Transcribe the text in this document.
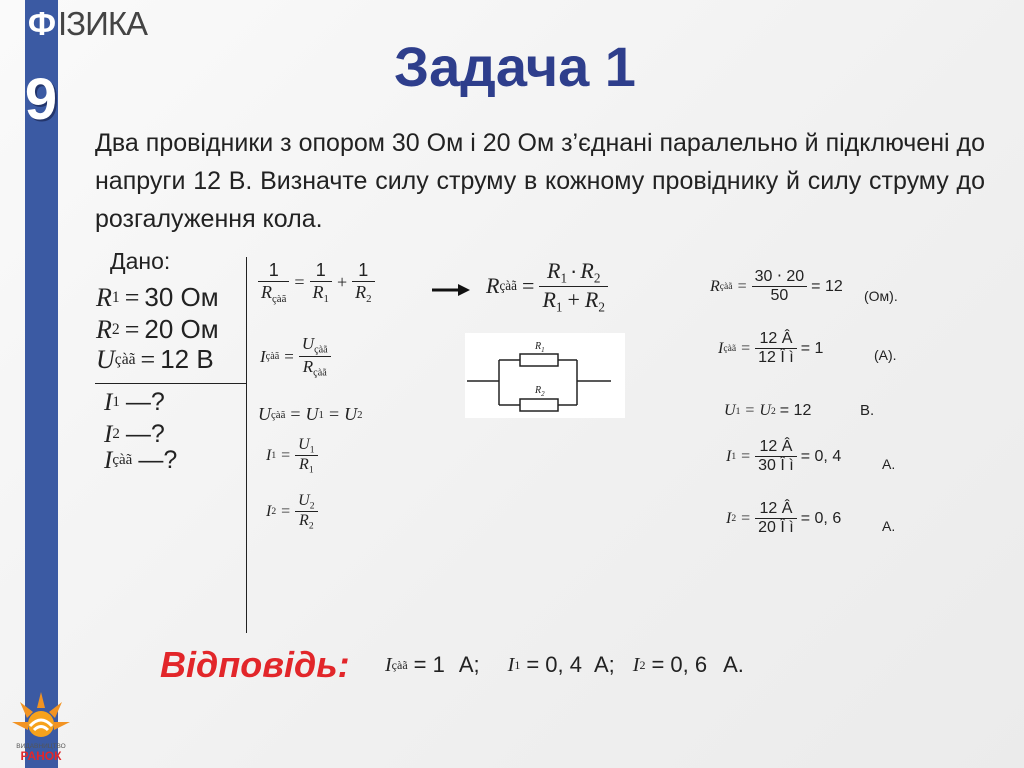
ФІЗИКА
9
Задача 1
Два провідники з опором 30 Ом і 20 Ом з’єднані паралельно й підключені до напруги 12 В. Визначте силу струму в кожному провіднику й силу струму до розгалуження кола.
Дано:
R 1 = 30 Ом
R 2 = 20 Ом
U çàã = 12 В
I 1 —?
I 2 —?
I çàã —?
$\frac{1}{R_{çàã}} = \frac{1}{R_1} + \frac{1}{R_2}$	R çàã = $\frac{R_1 \cdot R_2}{R_1 + R_2}$
I çàã = $\frac{U_{çàã}}{R_{çàã}}$
U çàã = U 1 = U 2
I $1 = \frac{U_1}{R_1}$
I $2 = \frac{U_2}{R_2}$
$R_1$
$R_2$
R çàã = $\frac{30 \cdot 20}{50} = 12$
(Ом).
I çàã = $\frac{12 Â}{\text{12 Î ì}} = 1$	(А).
U 1 = U 2 = 12	В.
I $1 = \frac{12 Â}{\text{30 Î ì}} = 0$, 4	А.
I $2 = \frac{12 Â}{\text{20 Î ì}} = 0$, 6	А.
Відповідь: I çàã = 1 А; I 1 = 0, 4 А; I 2 = 0, 6 А.
ВИДАВНИЦТВО
РАНОК
